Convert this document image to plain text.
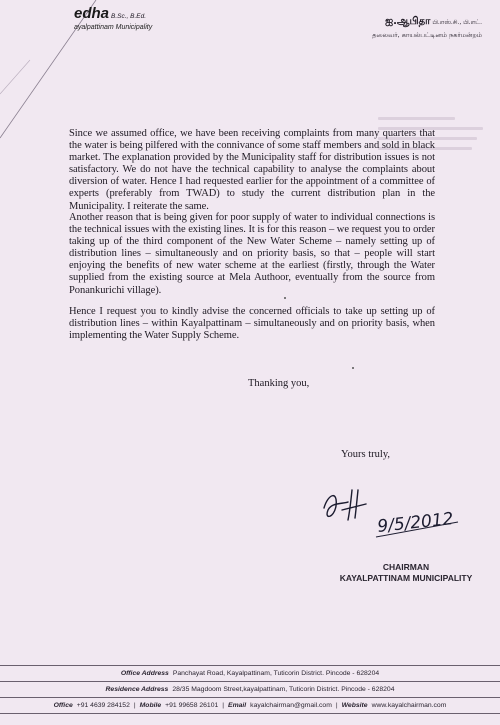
edha B.Sc., B.Ed.
ayalpattinam Municipality
ஐ.ஆபிதா பி.எஸ்.சி., பி.எட்.
தலைவர், காயல்பட்டினம் நகர்மன்றம்
Since we assumed office, we have been receiving complaints from many quarters that the water is being pilfered with the connivance of some staff members and sold in black market. The explanation provided by the Municipality staff for distribution issues is not satisfactory. We do not have the technical capability to analyse the complaints about diversion of water. Hence I had requested earlier for the appointment of a committee of experts (preferably from TWAD) to study the current distribution plan in the Municipality. I reiterate the same.
Another reason that is being given for poor supply of water to individual connections is the technical issues with the existing lines. It is for this reason – we request you to order taking up of the third component of the New Water Scheme – namely setting up of distribution lines – simultaneously and on priority basis, so that – people will start enjoying the benefits of new water scheme at the earliest (firstly, through the Water supplied from the existing source at Mela Authoor, eventually from the source from Ponankurichi village).
Hence I request you to kindly advise the concerned officials to take up setting up of distribution lines – within Kayalpattinam – simultaneously and on priority basis, when implementing the Water Supply Scheme.
Thanking you,
Yours truly,
9/5/2012
CHAIRMAN
KAYALPATTINAM MUNICIPALITY
Office Address Panchayat Road, Kayalpattinam, Tuticorin District. Pincode - 628204
Residence Address 28/35 Magdoom Street,kayalpattinam, Tuticorin District. Pincode - 628204
Office +91 4639 284152 | Mobile +91 99658 26101 | Email kayalchairman@gmail.com | Website www.kayalchairman.com
